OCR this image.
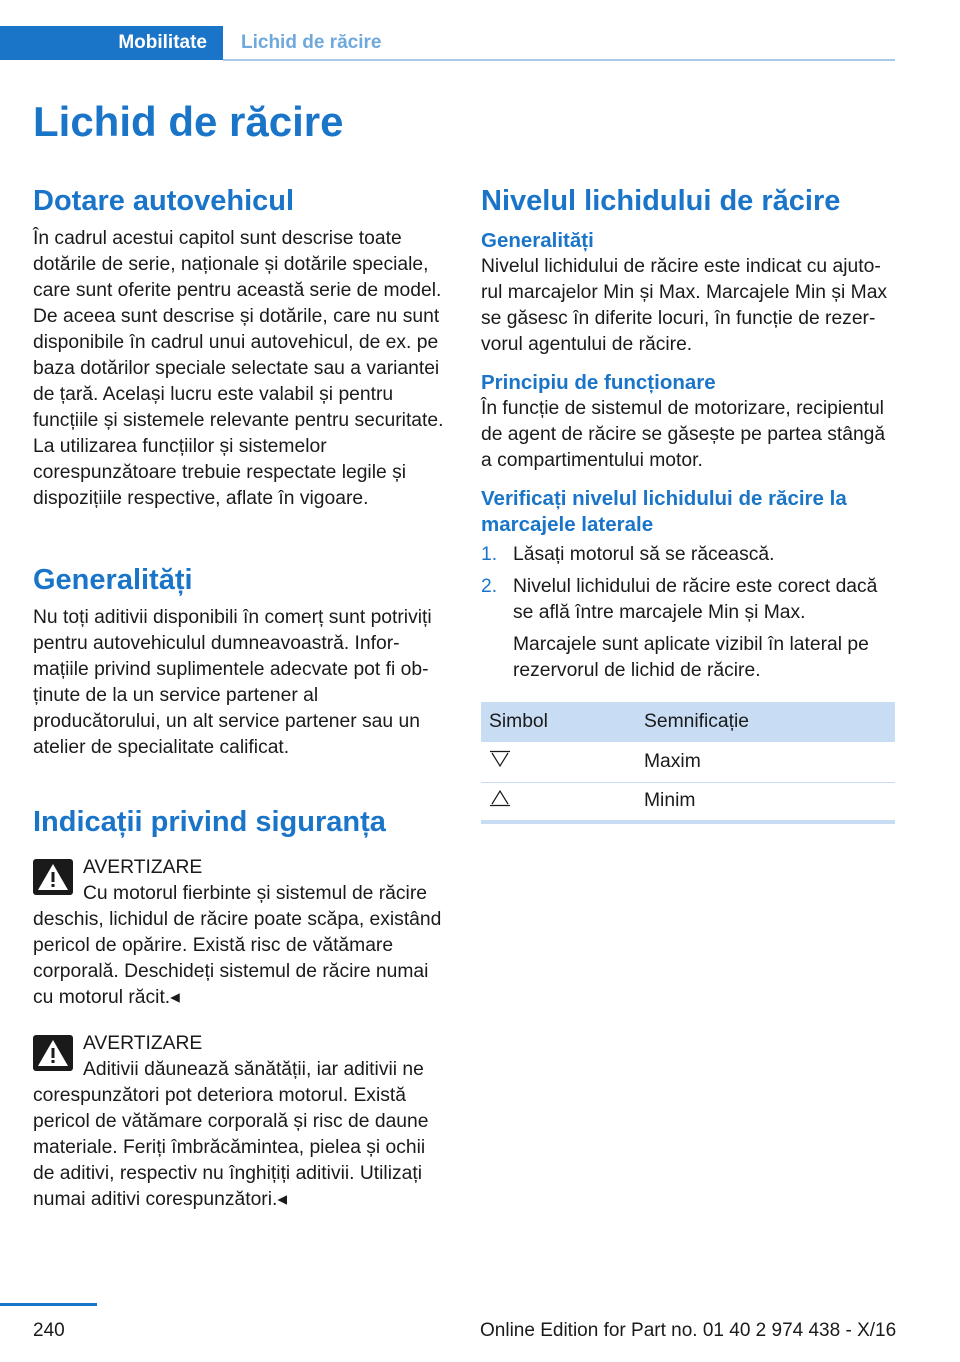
Mobilitate	Lichid de răcire
Lichid de răcire
Dotare autovehicul

În cadrul acestui capitol sunt descrise toate dotările de serie, naționale și dotările speciale, care sunt oferite pentru această serie de model. De aceea sunt descrise și dotările, care nu sunt disponibile în cadrul unui autovehicul, de ex. pe baza dotărilor speciale selectate sau a variantei de țară. Același lucru este valabil și pentru funcțiile și sistemele relevante pentru securitate. La utilizarea funcțiilor și sistemelor corespunzătoare trebuie respectate legile și dispozițiile respective, aflate în vigoare.

Generalități

Nu toți aditivii disponibili în comerț sunt potriviți pentru autovehiculul dumneavoastră. Informațiile privind suplimentele adecvate pot fi obținute de la un service partener al producătorului, un alt service partener sau un atelier de specialitate calificat.

Indicații privind siguranța
AVERTIZARE
Cu motorul fierbinte și sistemul de răcire
deschis, lichidul de răcire poate scăpa, existând pericol de opărire. Există risc de vătămare corporală. Deschideți sistemul de răcire numai cu motorul răcit.◂
AVERTIZARE
Aditivii dăunează sănătății, iar aditivii ne
corespunzători pot deteriora motorul. Există pericol de vătămare corporală și risc de daune materiale. Feriți îmbrăcămintea, pielea și ochii de aditivi, respectiv nu înghițiți aditivii. Utilizați numai aditivi corespunzători.◂
Nivelul lichidului de răcire
Generalități

Nivelul lichidului de răcire este indicat cu ajutorul marcajelor Min și Max. Marcajele Min și Max se găsesc în diferite locuri, în funcție de rezervorul agentului de răcire.

Principiu de funcționare

În funcție de sistemul de motorizare, recipientul de agent de răcire se găsește pe partea stângă a compartimentului motor.

Verificați nivelul lichidului de răcire la marcajele laterale
1. Lăsați motorul să se răcească.
2. Nivelul lichidului de răcire este corect dacă se află între marcajele Min și Max.
Marcajele sunt aplicate vizibil în lateral pe rezervorul de lichid de răcire.
Simbol	Semnificație
	Maxim
	Minim
240	Online Edition for Part no. 01 40 2 974 438 - X/16
